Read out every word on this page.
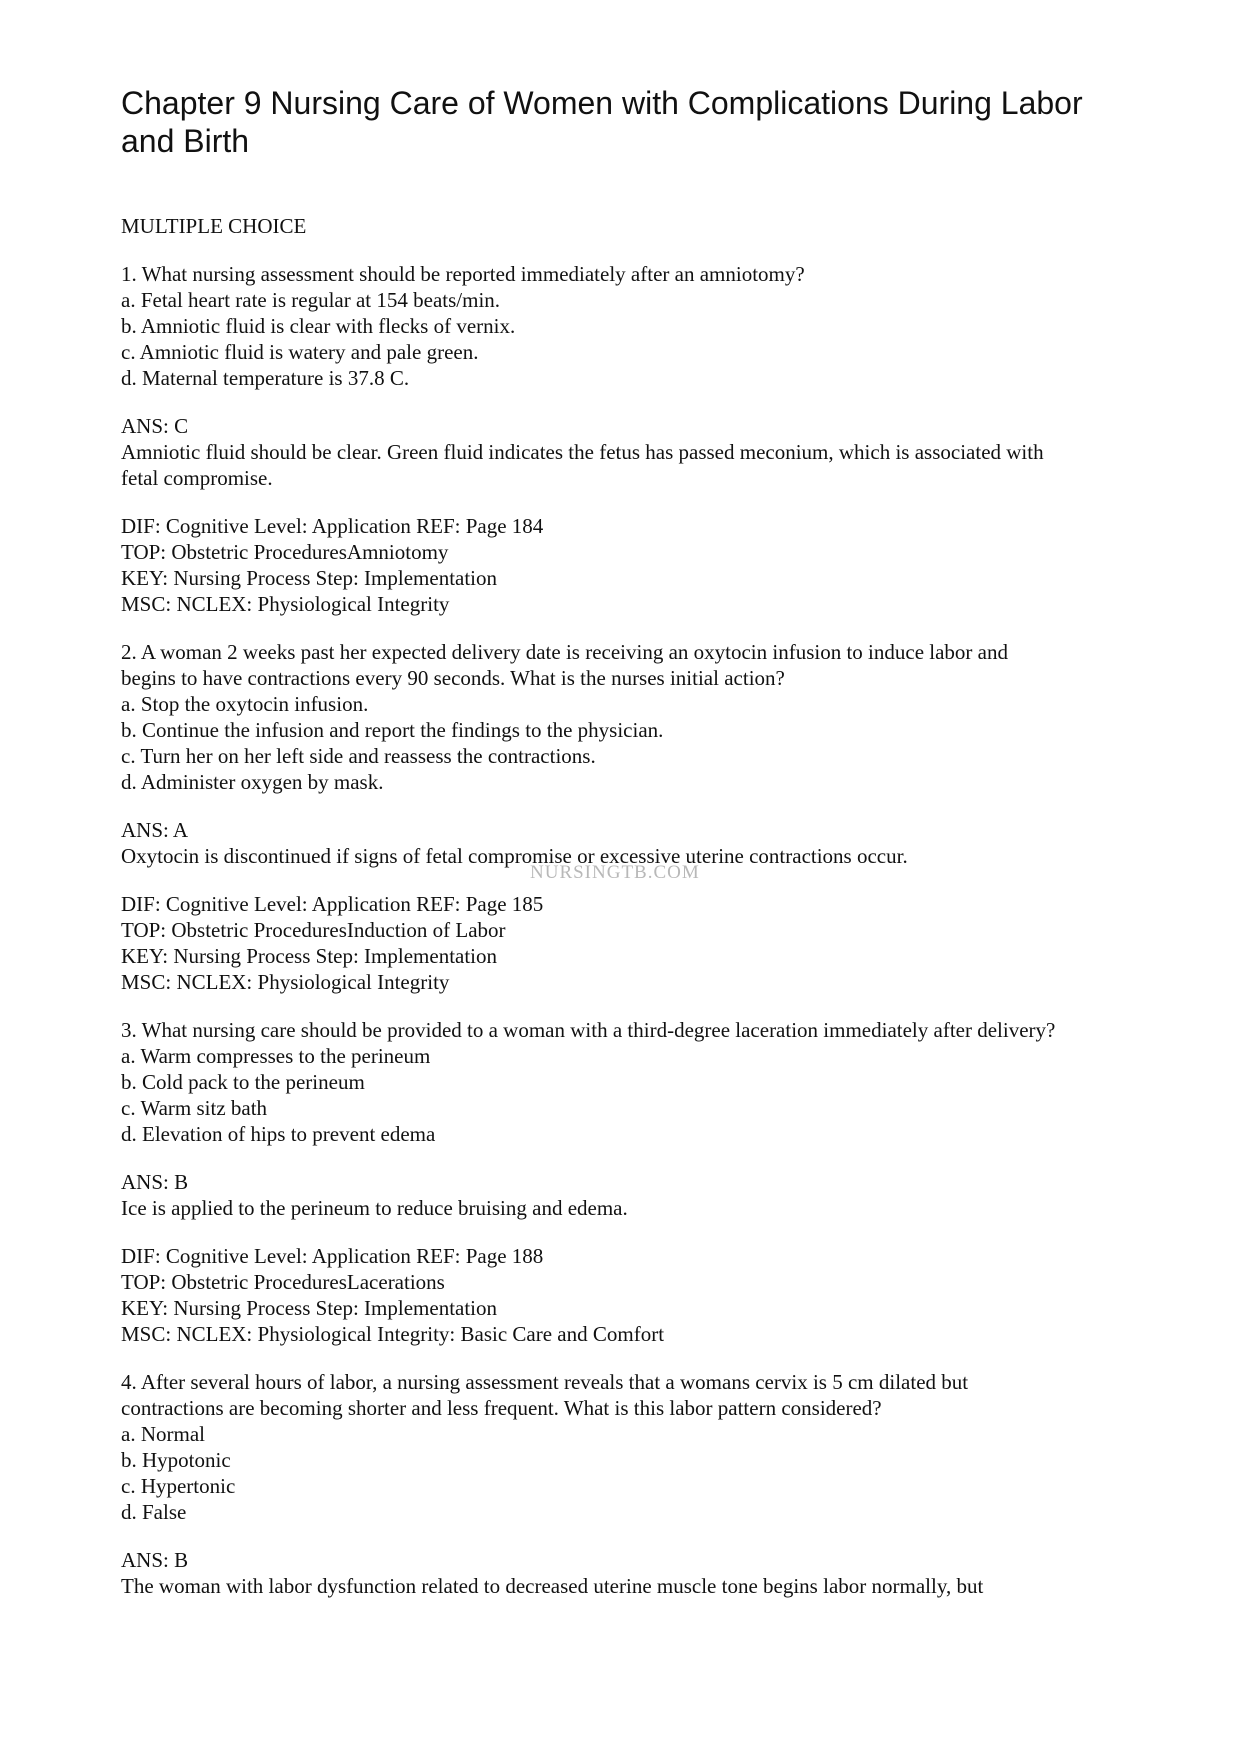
Chapter 9 Nursing Care of Women with Complications During Labor and Birth
MULTIPLE CHOICE
1. What nursing assessment should be reported immediately after an amniotomy?
a. Fetal heart rate is regular at 154 beats/min.
b. Amniotic fluid is clear with flecks of vernix.
c. Amniotic fluid is watery and pale green.
d. Maternal temperature is 37.8 C.
ANS: C
Amniotic fluid should be clear. Green fluid indicates the fetus has passed meconium, which is associated with
fetal compromise.
DIF: Cognitive Level: Application REF: Page 184
TOP: Obstetric ProceduresAmniotomy
KEY: Nursing Process Step: Implementation
MSC: NCLEX: Physiological Integrity
2. A woman 2 weeks past her expected delivery date is receiving an oxytocin infusion to induce labor and
begins to have contractions every 90 seconds. What is the nurses initial action?
a. Stop the oxytocin infusion.
b. Continue the infusion and report the findings to the physician.
c. Turn her on her left side and reassess the contractions.
d. Administer oxygen by mask.
ANS: A
Oxytocin is discontinued if signs of fetal compromise or excessive uterine contractions occur.
DIF: Cognitive Level: Application REF: Page 185
TOP: Obstetric ProceduresInduction of Labor
KEY: Nursing Process Step: Implementation
MSC: NCLEX: Physiological Integrity
3. What nursing care should be provided to a woman with a third-degree laceration immediately after delivery?
a. Warm compresses to the perineum
b. Cold pack to the perineum
c. Warm sitz bath
d. Elevation of hips to prevent edema
ANS: B
Ice is applied to the perineum to reduce bruising and edema.
DIF: Cognitive Level: Application REF: Page 188
TOP: Obstetric ProceduresLacerations
KEY: Nursing Process Step: Implementation
MSC: NCLEX: Physiological Integrity: Basic Care and Comfort
4. After several hours of labor, a nursing assessment reveals that a womans cervix is 5 cm dilated but
contractions are becoming shorter and less frequent. What is this labor pattern considered?
a. Normal
b. Hypotonic
c. Hypertonic
d. False
ANS: B
The woman with labor dysfunction related to decreased uterine muscle tone begins labor normally, but
NURSINGTB.COM
